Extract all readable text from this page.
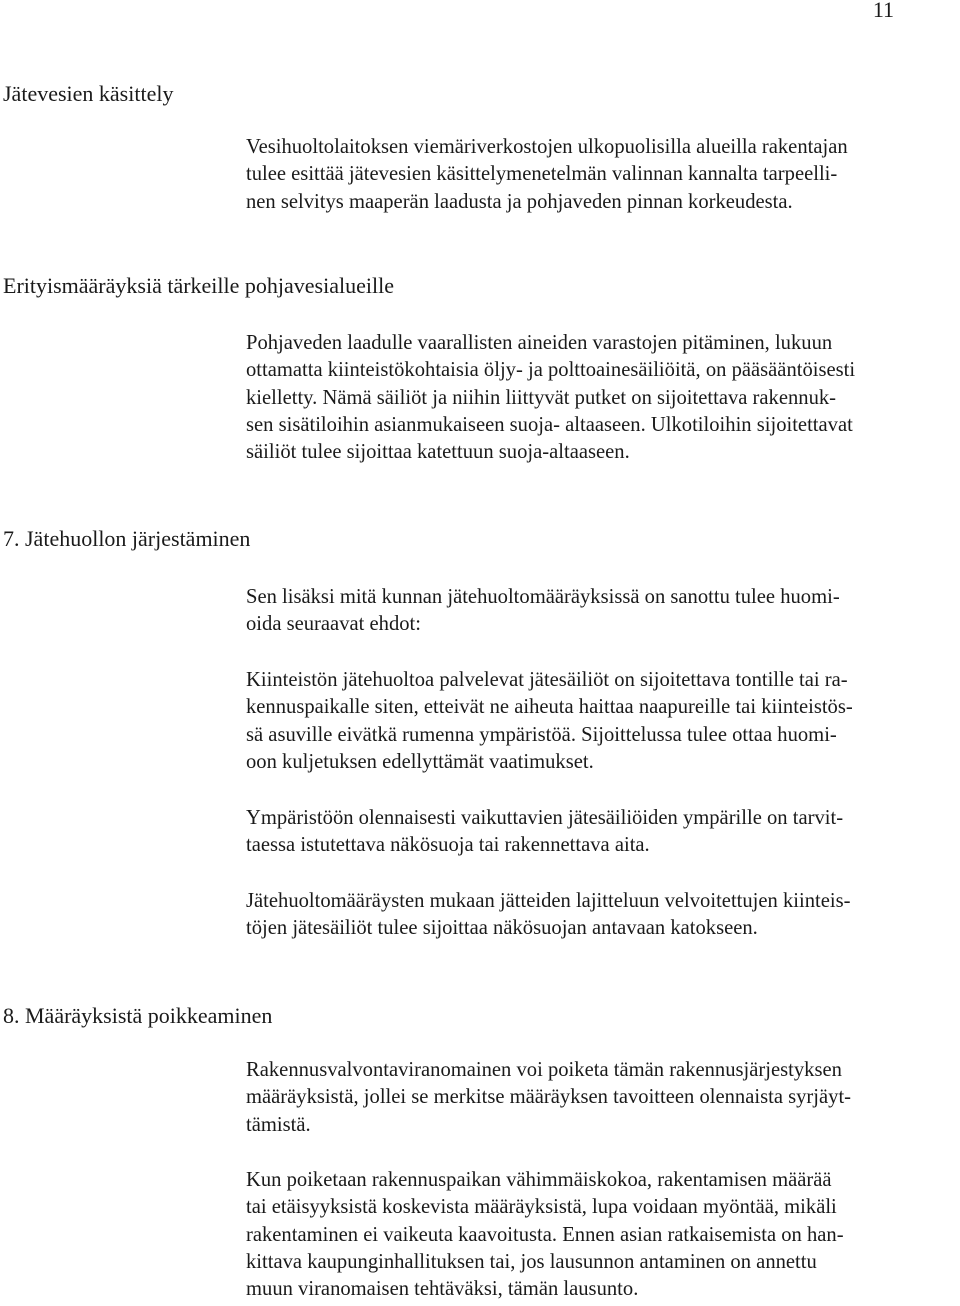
11
Jätevesien käsittely

Vesihuoltolaitoksen viemäriverkostojen ulkopuolisilla alueilla rakentajan
tulee esittää jätevesien käsittelymenetelmän valinnan kannalta tarpeelli-
nen selvitys maaperän laadusta ja pohjaveden pinnan korkeudesta.

Erityismääräyksiä tärkeille pohjavesialueille

Pohjaveden laadulle vaarallisten aineiden varastojen pitäminen, lukuun
ottamatta kiinteistökohtaisia öljy- ja polttoainesäiliöitä, on pääsääntöisesti
kielletty. Nämä säiliöt ja niihin liittyvät putket on sijoitettava rakennuk-
sen sisätiloihin asianmukaiseen suoja- altaaseen. Ulkotiloihin sijoitettavat
säiliöt tulee sijoittaa katettuun suoja-altaaseen.

7. Jätehuollon järjestäminen

Sen lisäksi mitä kunnan jätehuoltomääräyksissä on sanottu tulee huomi-
oida seuraavat ehdot:

Kiinteistön jätehuoltoa palvelevat jätesäiliöt on sijoitettava tontille tai ra-
kennuspaikalle siten, etteivät ne aiheuta haittaa naapureille tai kiinteistös-
sä asuville eivätkä rumenna ympäristöä. Sijoittelussa tulee ottaa huomi-
oon kuljetuksen edellyttämät vaatimukset.

Ympäristöön olennaisesti vaikuttavien jätesäiliöiden ympärille on tarvit-
taessa istutettava näkösuoja tai rakennettava aita.

Jätehuoltomääräysten mukaan jätteiden lajitteluun velvoitettujen kiinteis-
töjen jätesäiliöt tulee sijoittaa näkösuojan antavaan katokseen.

8. Määräyksistä poikkeaminen

Rakennusvalvontaviranomainen voi poiketa tämän rakennusjärjestyksen
määräyksistä, jollei se merkitse määräyksen tavoitteen olennaista syrjäyt-
tämistä.

Kun poiketaan rakennuspaikan vähimmäiskokoa, rakentamisen määrää
tai etäisyyksistä koskevista määräyksistä, lupa voidaan myöntää, mikäli
rakentaminen ei vaikeuta kaavoitusta. Ennen asian ratkaisemista on han-
kittava kaupunginhallituksen tai, jos lausunnon antaminen on annettu
muun viranomaisen tehtäväksi, tämän lausunto.
